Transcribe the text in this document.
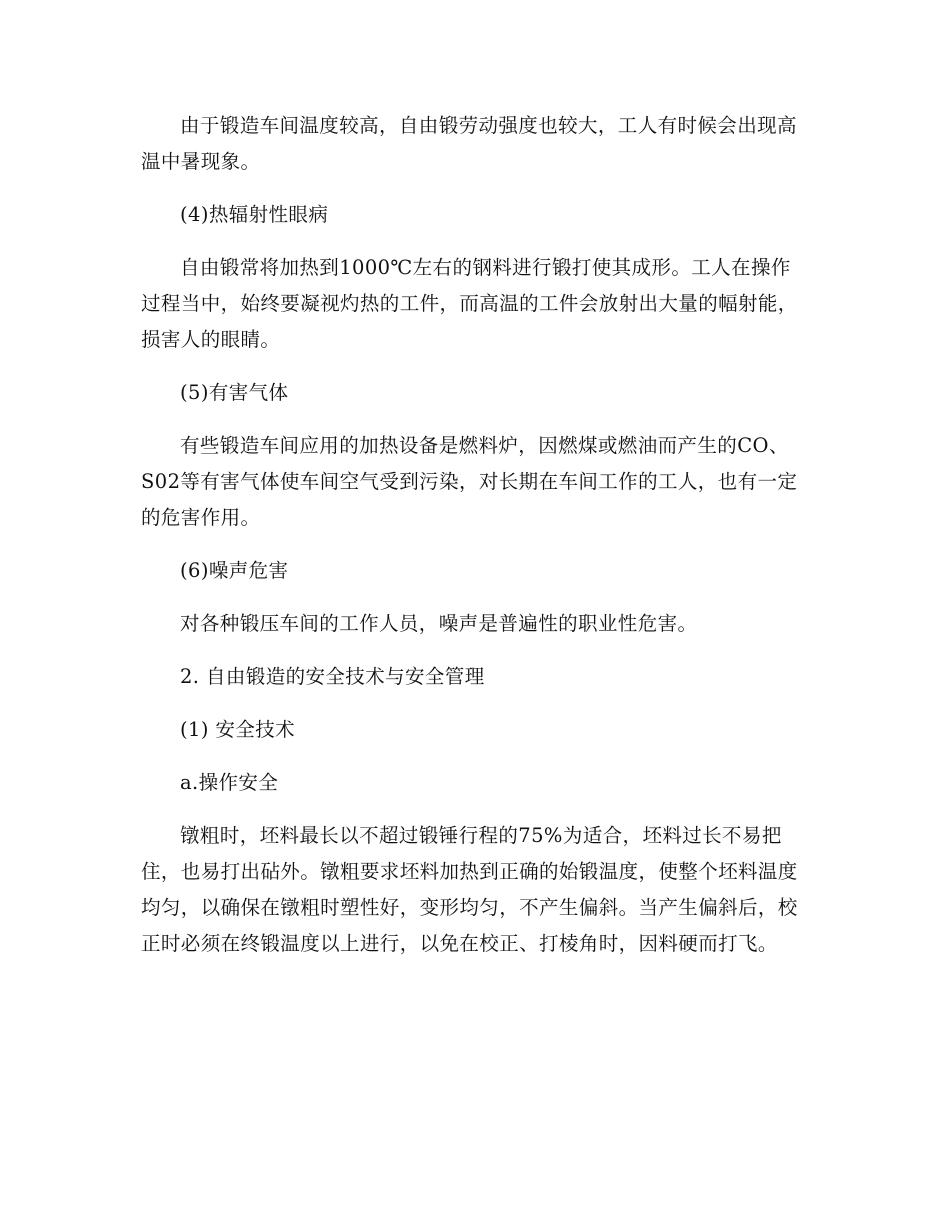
由于锻造车间温度较高，自由锻劳动强度也较大，工人有时候会出现高温中暑现象。

(4)热辐射性眼病

自由锻常将加热到1000℃左右的钢料进行锻打使其成形。工人在操作过程当中，始终要凝视灼热的工件，而高温的工件会放射出大量的幅射能，损害人的眼睛。

(5)有害气体

有些锻造车间应用的加热设备是燃料炉，因燃煤或燃油而产生的CO、S02等有害气体使车间空气受到污染，对长期在车间工作的工人，也有一定的危害作用。

(6)噪声危害

对各种锻压车间的工作人员，噪声是普遍性的职业性危害。

2. 自由锻造的安全技术与安全管理

(1) 安全技术

a.操作安全

镦粗时，坯料最长以不超过锻锤行程的75%为适合，坯料过长不易把住，也易打出砧外。镦粗要求坯料加热到正确的始锻温度，使整个坯料温度均匀，以确保在镦粗时塑性好，变形均匀，不产生偏斜。当产生偏斜后，校正时必须在终锻温度以上进行，以免在校正、打棱角时，因料硬而打飞。
